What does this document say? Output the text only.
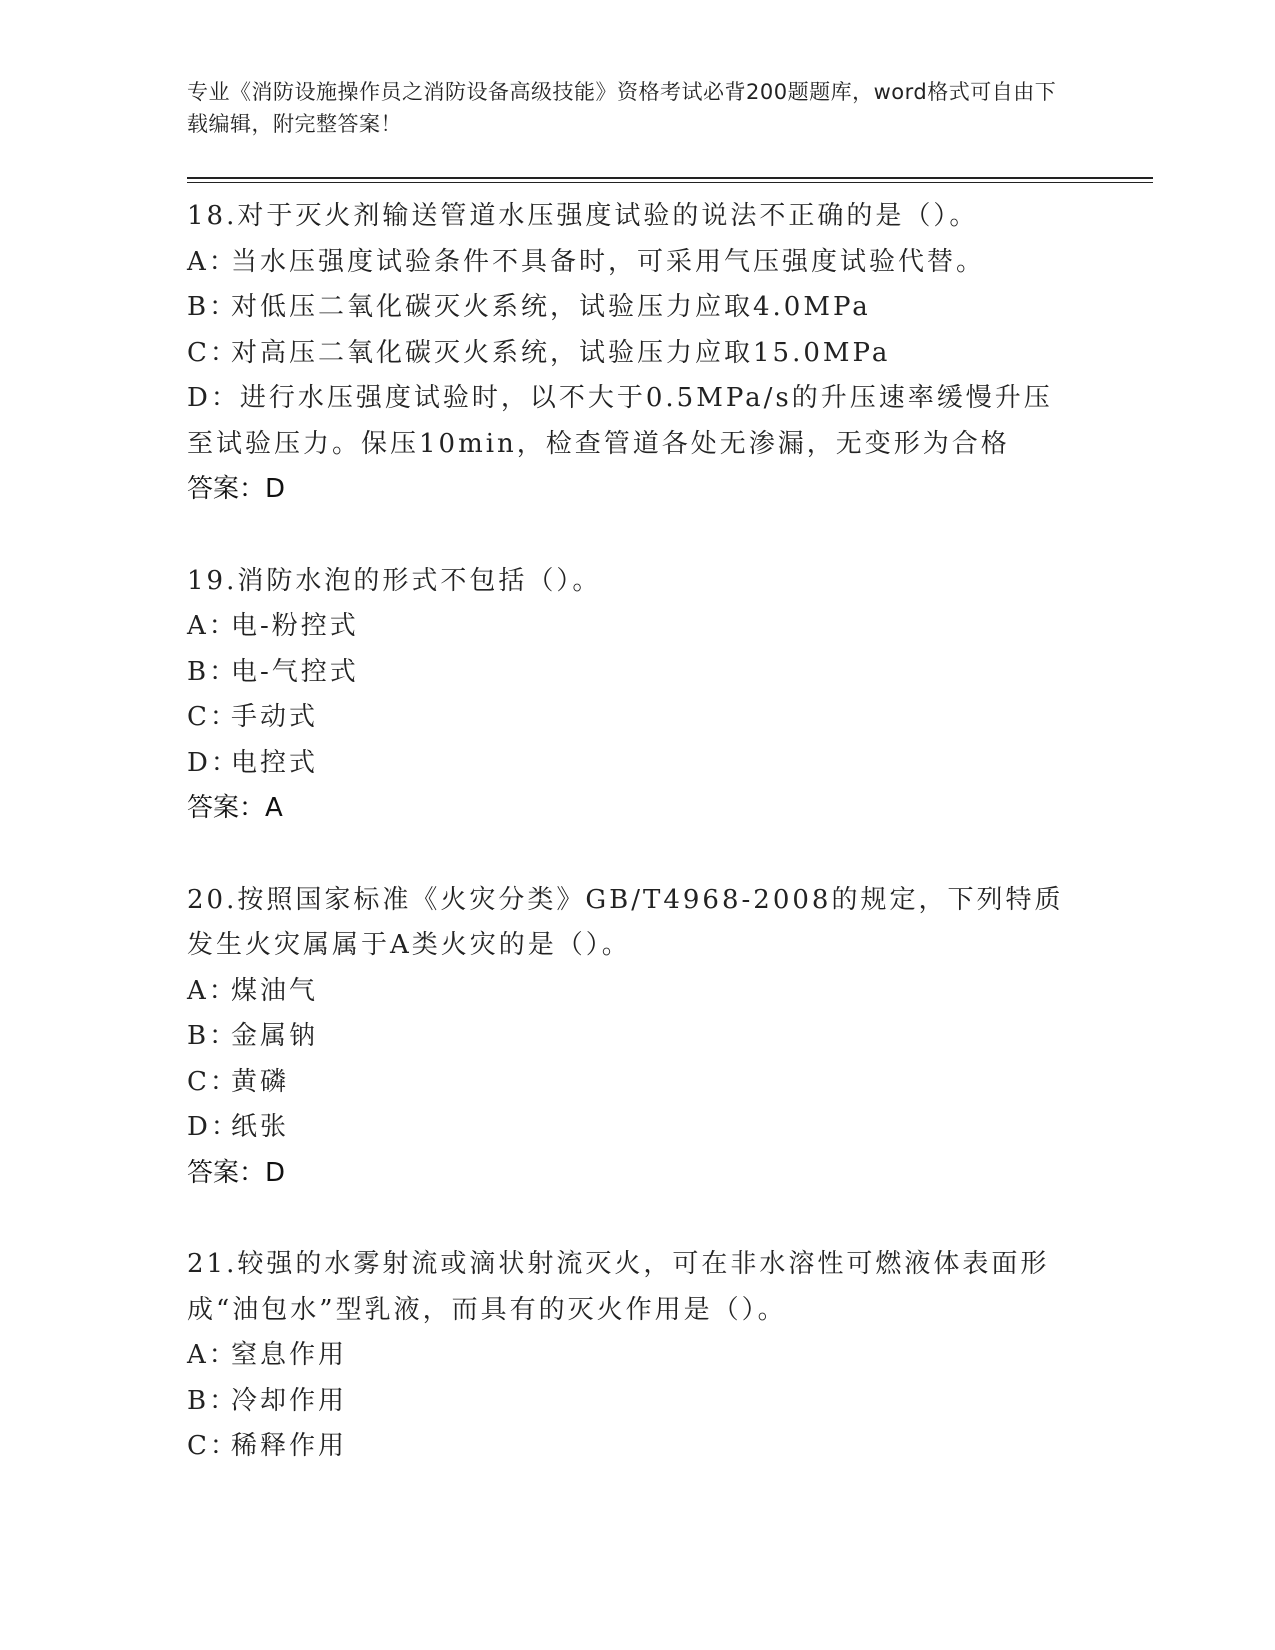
专业《消防设施操作员之消防设备高级技能》资格考试必背200题题库，word格式可自由下载编辑，附完整答案！
18.对于灭火剂输送管道水压强度试验的说法不正确的是（）。
A：
当水压强度试验条件不具备时，可采用气压强度试验代替。
B：
对低压二氧化碳灭火系统，试验压力应取4.0MPa
C：
对高压二氧化碳灭火系统，试验压力应取15.0MPa
D：进行水压强度试验时，以不大于0.5MPa/s的升压速率缓慢升压至试验压力。保压10min，检查管道各处无渗漏，无变形为合格
答案：D
19.消防水泡的形式不包括（）。
A：
电-粉控式
B：
电-气控式
C：
手动式
D：
电控式
答案：A
20.按照国家标准《火灾分类》GB/T4968-2008的规定，下列特质发生火灾属属于A类火灾的是（）。
A：
煤油气
B：
金属钠
C：
黄磷
D：
纸张
答案：D
21.较强的水雾射流或滴状射流灭火，可在非水溶性可燃液体表面形成“油包水”型乳液，而具有的灭火作用是（）。
A：
窒息作用
B：
冷却作用
C：
稀释作用
